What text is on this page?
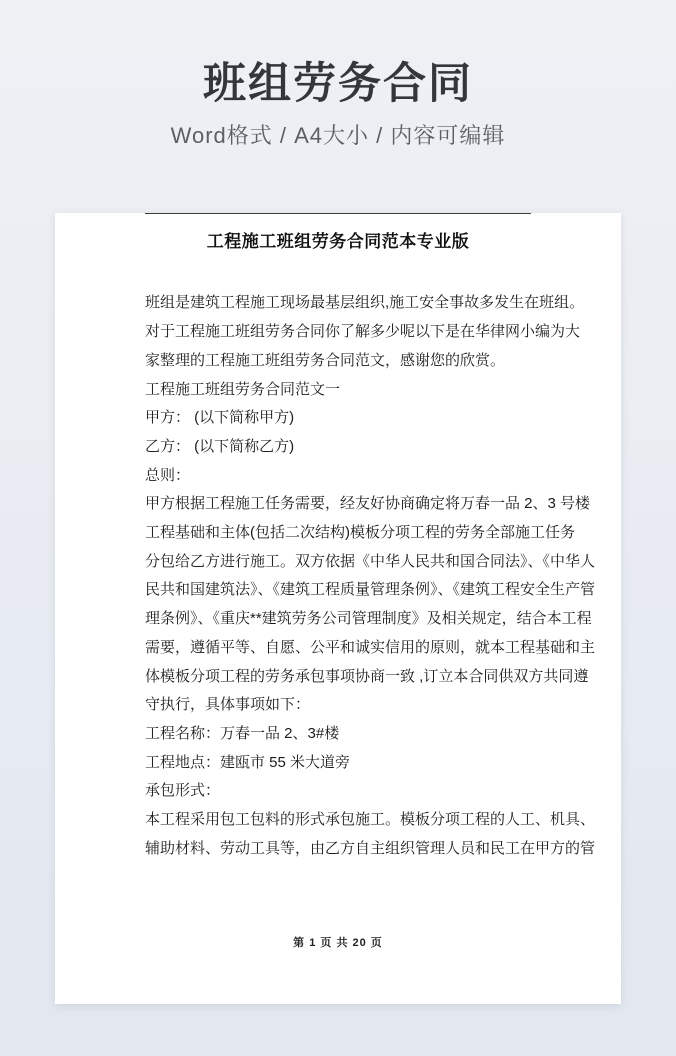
班组劳务合同
Word格式 / A4大小 / 内容可编辑
工程施工班组劳务合同范本专业版
班组是建筑工程施工现场最基层组织,施工安全事故多发生在班组。
对于工程施工班组劳务合同你了解多少呢以下是在华律网小编为大
家整理的工程施工班组劳务合同范文，感谢您的欣赏。
工程施工班组劳务合同范文一
甲方： (以下简称甲方)
乙方： (以下简称乙方)
总则：
甲方根据工程施工任务需要，经友好协商确定将万春一品 2、3 号楼
工程基础和主体(包括二次结构)模板分项工程的劳务全部施工任务
分包给乙方进行施工。双方依据《中华人民共和国合同法》、《中华人
民共和国建筑法》、《建筑工程质量管理条例》、《建筑工程安全生产管
理条例》、《重庆**建筑劳务公司管理制度》及相关规定，结合本工程
需要，遵循平等、自愿、公平和诚实信用的原则，就本工程基础和主
体模板分项工程的劳务承包事项协商一致 ,订立本合同供双方共同遵
守执行，具体事项如下：
工程名称：万春一品 2、3#楼
工程地点：建瓯市 55 米大道旁
承包形式：
本工程采用包工包料的形式承包施工。模板分项工程的人工、机具、
辅助材料、劳动工具等，由乙方自主组织管理人员和民工在甲方的管
第 1 页 共 20 页
